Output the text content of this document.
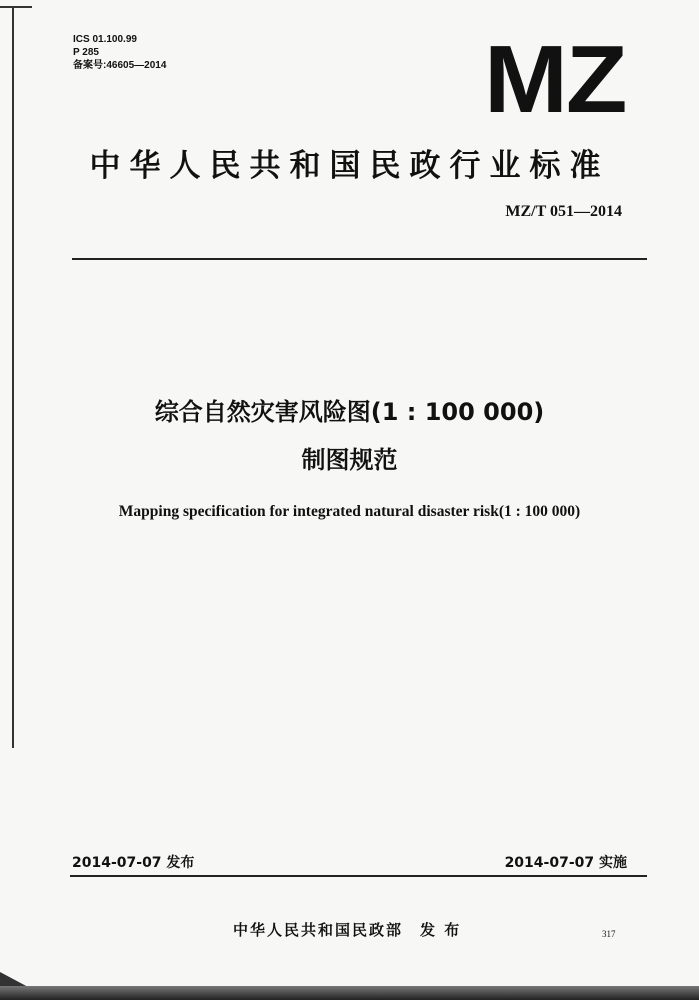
ICS 01.100.99
P 285
备案号:46605—2014	MZ
中华人民共和国民政行业标准
MZ/T 051—2014
综合自然灾害风险图(1 : 100 000)
制图规范
Mapping specification for integrated natural disaster risk(1 : 100 000)
2014-07-07 发布	2014-07-07 实施
中华人民共和国民政部　发 布	317
